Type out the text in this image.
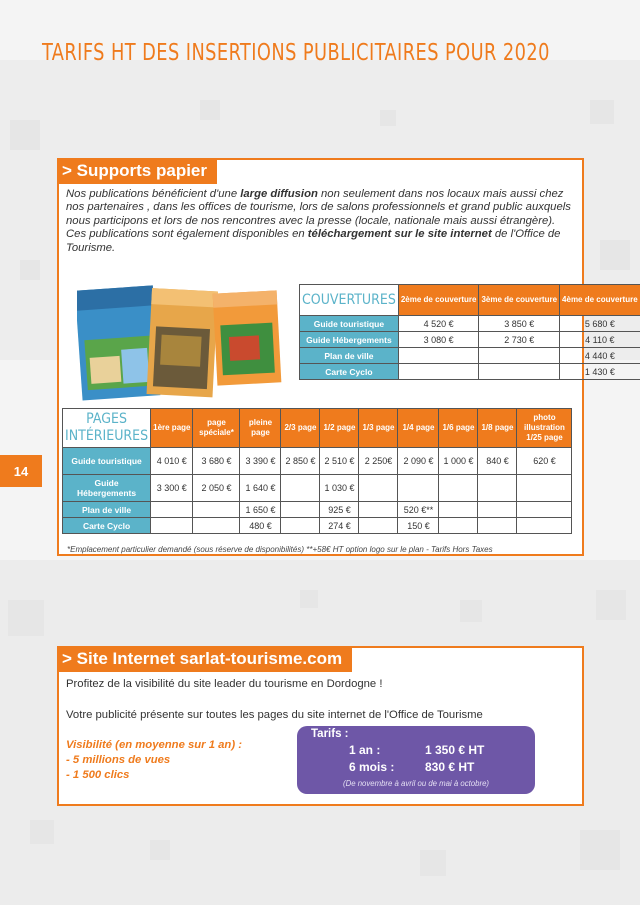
TARIFS HT DES INSERTIONS PUBLICITAIRES POUR 2020
14
> Supports papier

Nos publications bénéficient d'une large diffusion non seulement dans nos locaux mais aussi chez nos partenaires , dans les offices de tourisme, lors de salons professionnels et grand public auxquels nous participons et lors de nos rencontres avec la presse (locale, nationale mais aussi étrangère).

Ces publications sont également disponibles en téléchargement sur le site internet de l'Office de Tourisme.

COUVERTURES	2ème de couverture	3ème de couverture	4ème de couverture
Guide touristique	4 520 €	3 850 €	5 680 €
Guide Hébergements	3 080 €	2 730 €	4 110 €
Plan de ville			4 440 €
Carte Cyclo			1 430 €
PAGES
INTÉRIEURES	1ère page	page spéciale*	pleine page	2/3 page	1/2 page	1/3 page	1/4 page	1/6 page	1/8 page	photo illustration 1/25 page
Guide touristique	4 010 €	3 680 €	3 390 €	2 850 €	2 510 €	2 250€	2 090 €	1 000 €	840 €	620 €
Guide Hébergements	3 300 €	2 050 €	1 640 €		1 030 €					
Plan de ville			1 650 €		925 €		520 €**			
Carte Cyclo			480 €		274 €		150 €			
*Emplacement particulier demandé (sous réserve de disponibilités) **+58€ HT option logo sur le plan - Tarifs Hors Taxes
> Site Internet sarlat-tourisme.com
Profitez de la visibilité du site leader du tourisme en Dordogne !
Votre publicité présente sur toutes les pages du site internet de l'Office de Tourisme
Visibilité (en moyenne sur 1 an) :
- 5 millions de vues
- 1 500 clics
Tarifs :
1 an :	1 350 € HT
6 mois :	830 € HT
(De novembre à avril ou de mai à octobre)
